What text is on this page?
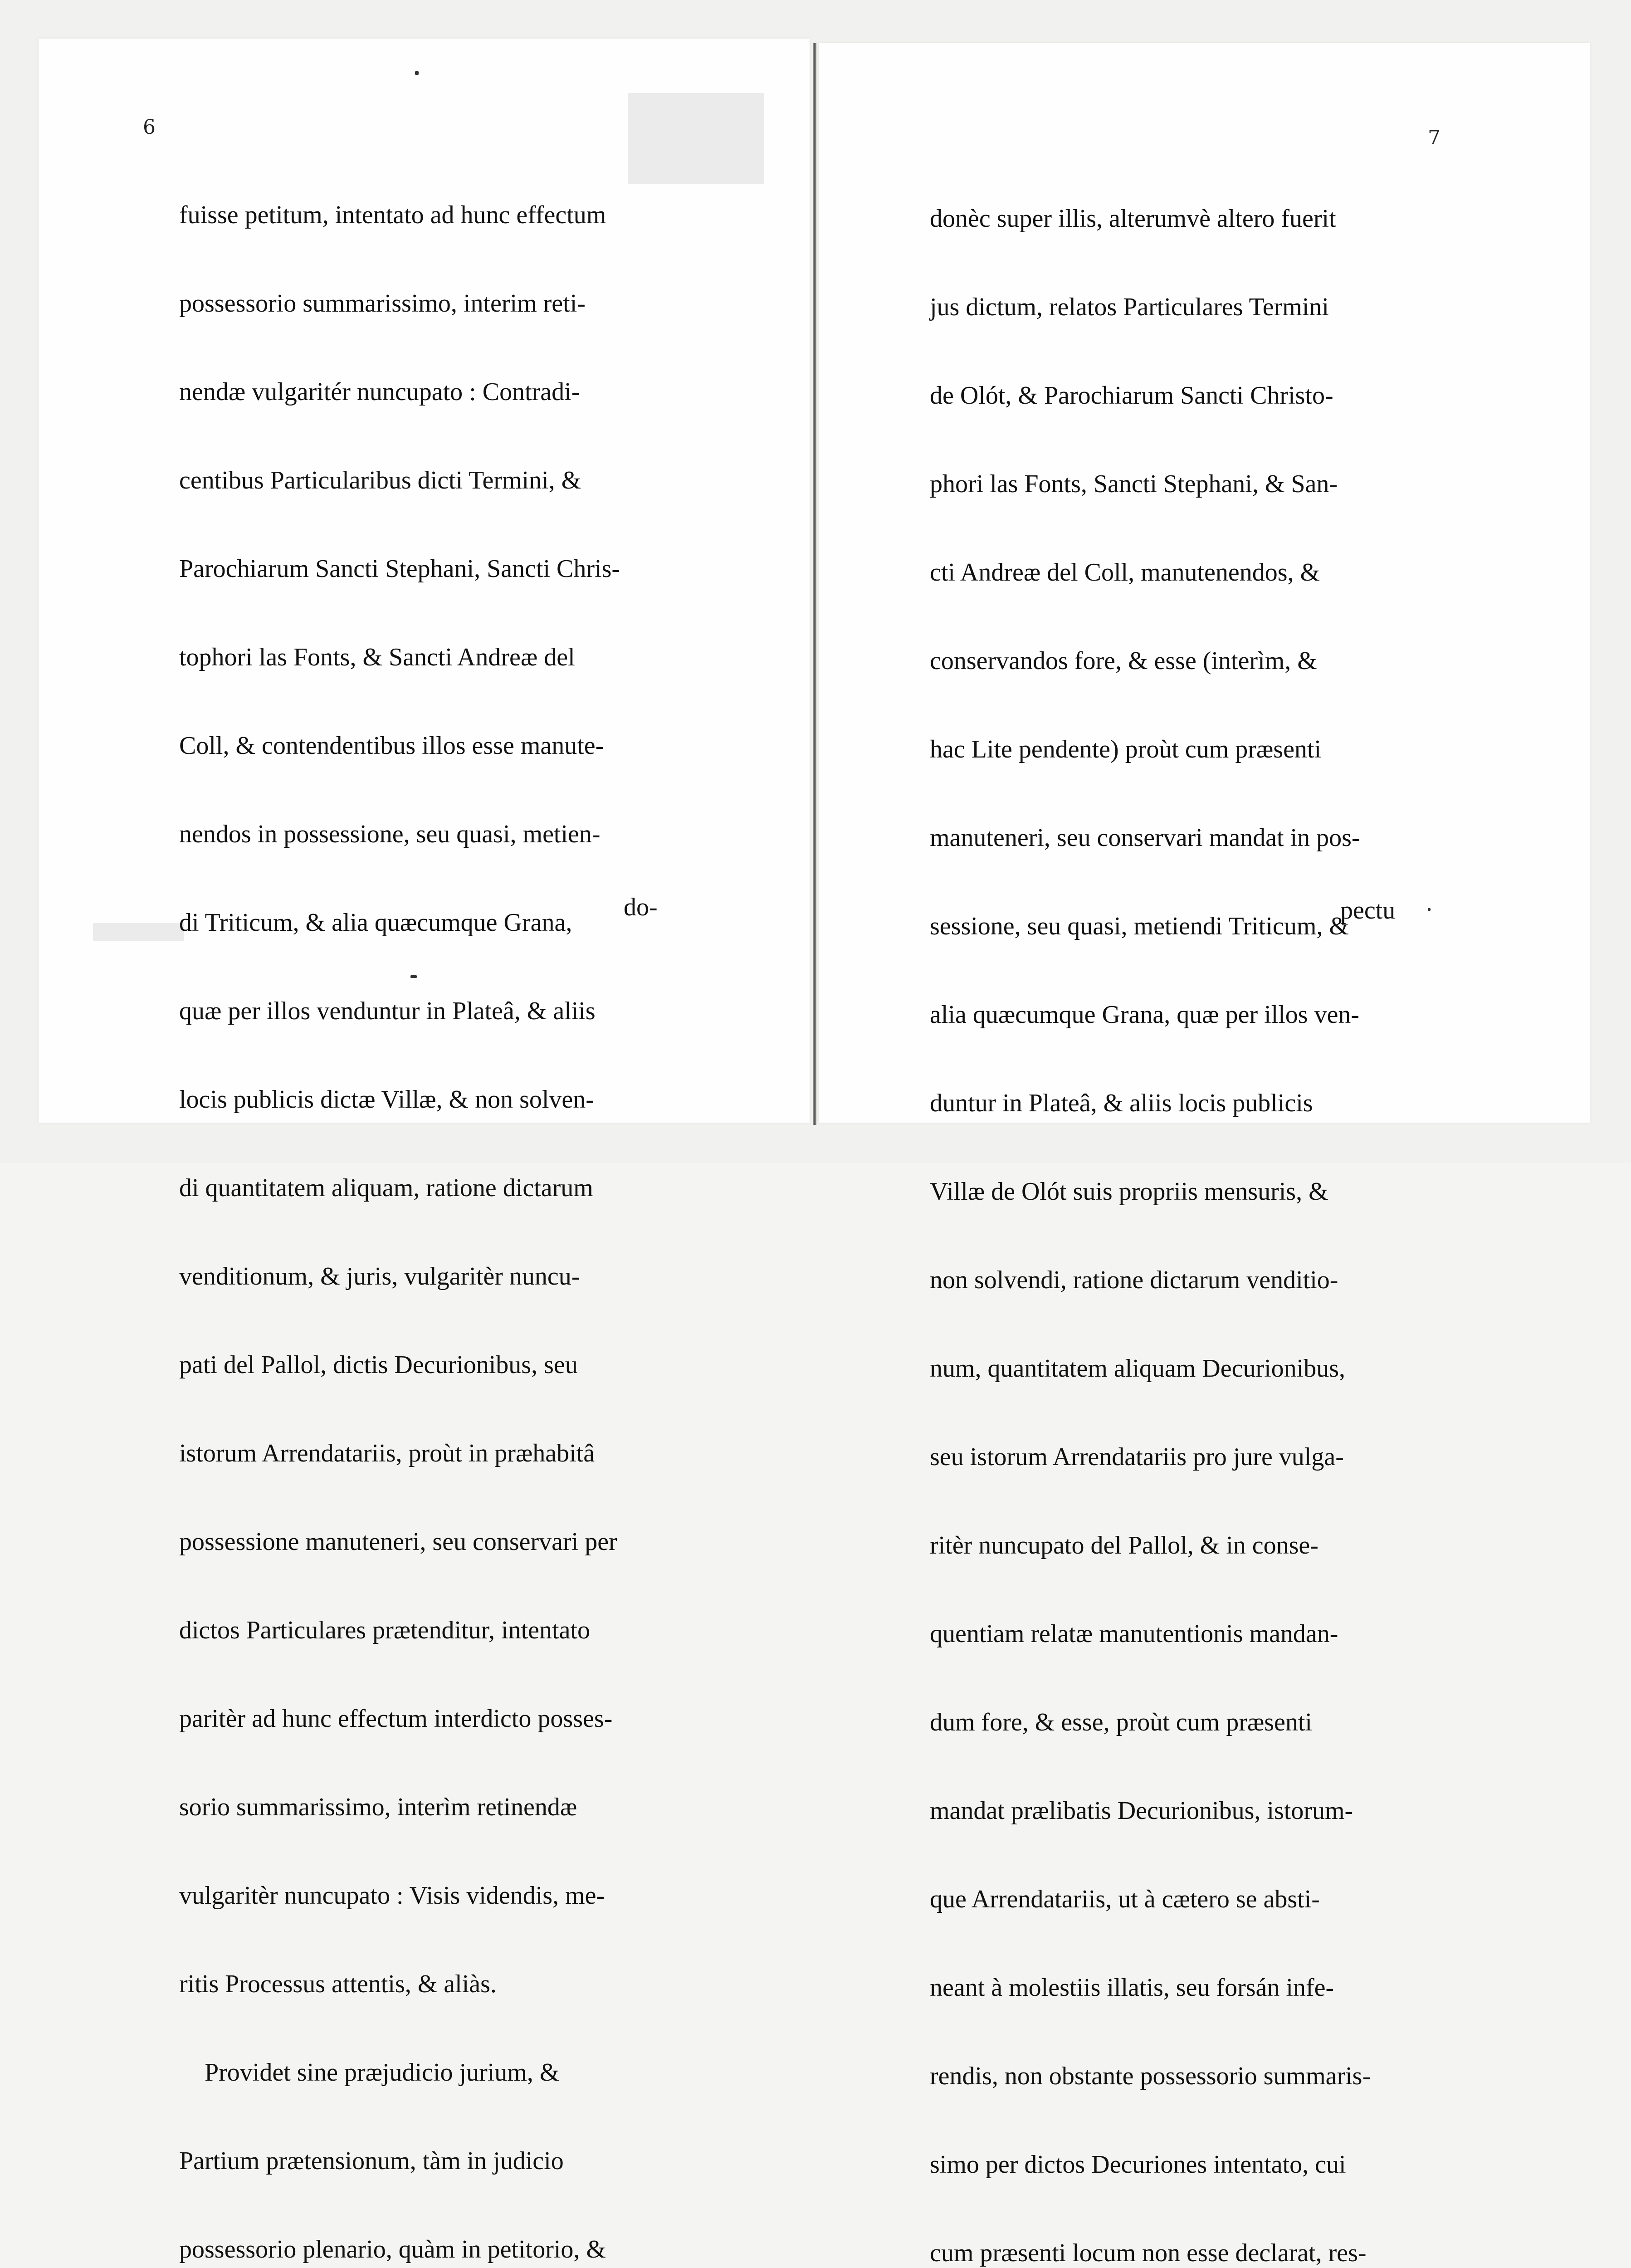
6	7

fuisse petitum, intentato ad hunc effectum

possessorio summarissimo, interim reti-

nendæ vulgaritér nuncupato : Contradi-

centibus Particularibus dicti Termini, &

Parochiarum Sancti Stephani, Sancti Chris-

tophori las Fonts, & Sancti Andreæ del

Coll, & contendentibus illos esse manute-

nendos in possessione, seu quasi, metien-

di Triticum, & alia quæcumque Grana,

quæ per illos venduntur in Plateâ, & aliis

locis publicis dictæ Villæ, & non solven-

di quantitatem aliquam, ratione dictarum

venditionum, & juris, vulgaritèr nuncu-

pati del Pallol, dictis Decurionibus, seu

istorum Arrendatariis, proùt in præhabitâ

possessione manuteneri, seu conservari per

dictos Particulares prætenditur, intentato

paritèr ad hunc effectum interdicto posses-

sorio summarissimo, interìm retinendæ

vulgaritèr nuncupato : Visis videndis, me-

ritis Processus attentis, & aliàs.

Providet sine præjudicio jurium, &

Partium prætensionum, tàm in judicio

possessorio plenario, quàm in petitorio, &

do-

donèc super illis, alterumvè altero fuerit

jus dictum, relatos Particulares Termini

de Olót, & Parochiarum Sancti Christo-

phori las Fonts, Sancti Stephani, & San-

cti Andreæ del Coll, manutenendos, &

conservandos fore, & esse (interìm, &

hac Lite pendente) proùt cum præsenti

manuteneri, seu conservari mandat in pos-

sessione, seu quasi, metiendi Triticum, &

alia quæcumque Grana, quæ per illos ven-

duntur in Plateâ, & aliis locis publicis

Villæ de Olót suis propriis mensuris, &

non solvendi, ratione dictarum venditio-

num, quantitatem aliquam Decurionibus,

seu istorum Arrendatariis pro jure vulga-

ritèr nuncupato del Pallol, & in conse-

quentiam relatæ manutentionis mandan-

dum fore, & esse, proùt cum præsenti

mandat prælibatis Decurionibus, istorum-

que Arrendatariis, ut à cætero se absti-

neant à molestiis illatis, seu forsán infe-

rendis, non obstante possessorio summaris-

simo per dictos Decuriones intentato, cui

cum præsenti locum non esse declarat, res-

pectu
